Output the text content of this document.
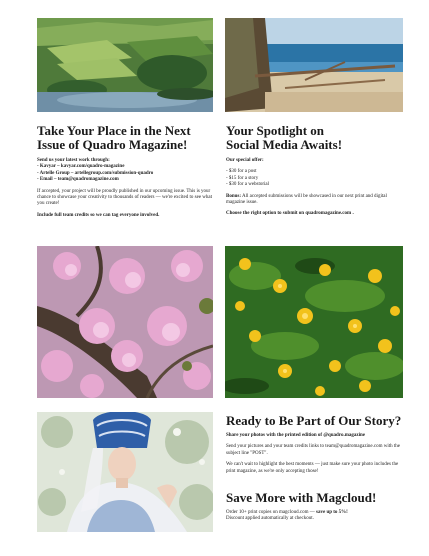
Take Your Place in the Next
Issue of Quadro Magazine!
Send us your latest work through:
- Kavyar – kavyar.com/quadro-magazine
- Artelle Group – artellegroup.com/submission-quadro
- Email – team@quadromagazine.com
If accepted, your project will be proudly published in our upcoming issue. This is your chance to showcase your creativity to thousands of readers — we're excited to see what you create!
Include full team credits so we can tag everyone involved.
Your Spotlight on
Social Media Awaits!
Our special offer:
- $30 for a post
- $15 for a story
- $30 for a webstorial
Bonus: All accepted submissions will be showcased in our next print and digital magazine issue.
Choose the right option to submit on quadromagazine.com .
Ready to Be Part of Our Story?
Share your photos with the printed edition of @quadro.magazine
Send your pictures and your team credits links to team@quadromagazine.com with the subject line "POST".
We can't wait to highlight the best moments — just make sure your photo includes the print magazine, as we're only accepting those!
Save More with Magcloud!
Order 10+ print copies on magcloud.com — save up to 5%!
Discount applied automatically at checkout.
